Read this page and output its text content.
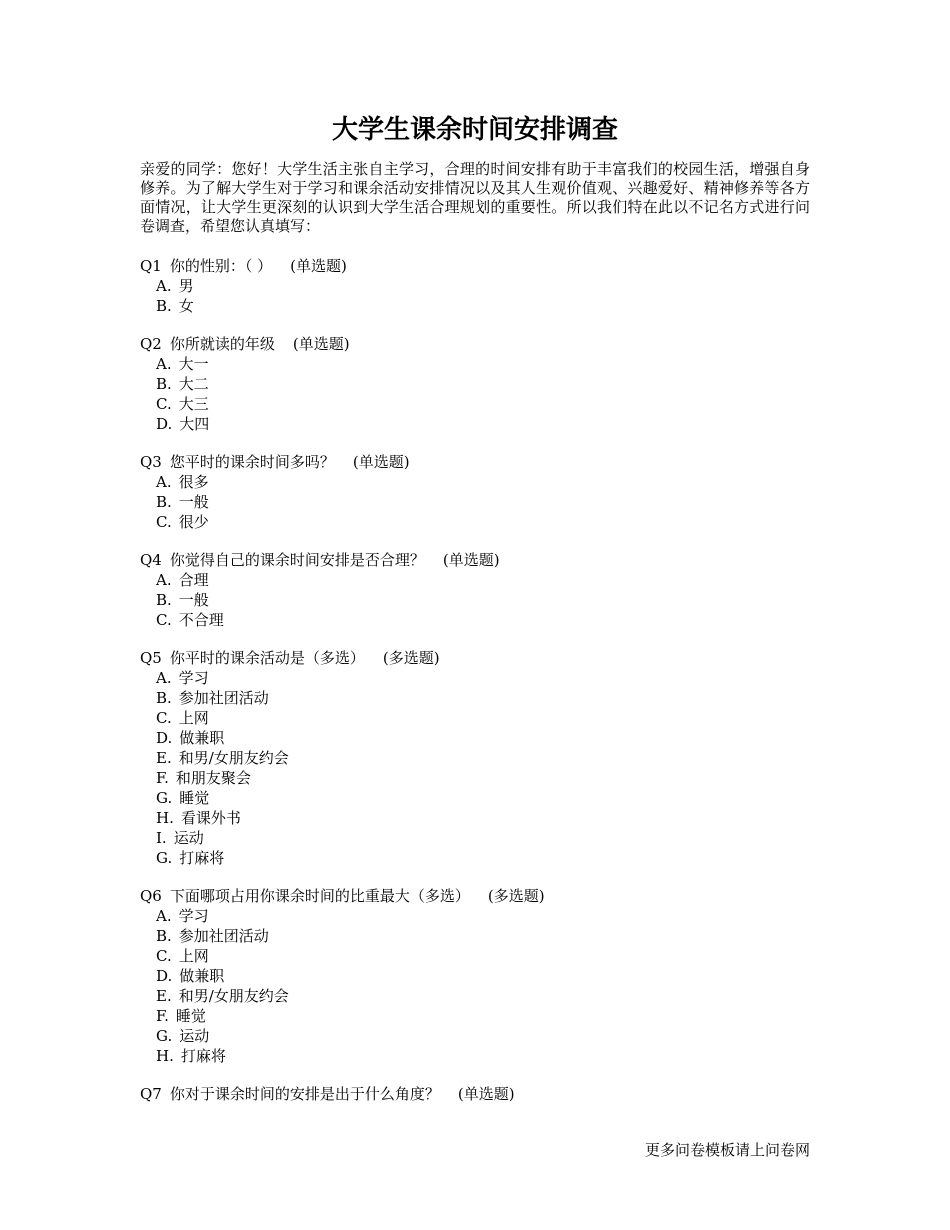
大学生课余时间安排调查

亲爱的同学：您好！大学生活主张自主学习，合理的时间安排有助于丰富我们的校园生活，增强自身修养。为了解大学生对于学习和课余活动安排情况以及其人生观价值观、兴趣爱好、精神修养等各方面情况，让大学生更深刻的认识到大学生活合理规划的重要性。所以我们特在此以不记名方式进行问卷调查，希望您认真填写：

Q1 你的性别：（ ） (单选题)
A. 男
B. 女
Q2 你所就读的年级 (单选题)
A. 大一
B. 大二
C. 大三
D. 大四
Q3 您平时的课余时间多吗？ (单选题)
A. 很多
B. 一般
C. 很少
Q4 你觉得自己的课余时间安排是否合理？ (单选题)
A. 合理
B. 一般
C. 不合理
Q5 你平时的课余活动是（多选） (多选题)
A. 学习
B. 参加社团活动
C. 上网
D. 做兼职
E. 和男/女朋友约会
F. 和朋友聚会
G. 睡觉
H. 看课外书
I. 运动
G. 打麻将
Q6 下面哪项占用你课余时间的比重最大（多选） (多选题)
A. 学习
B. 参加社团活动
C. 上网
D. 做兼职
E. 和男/女朋友约会
F. 睡觉
G. 运动
H. 打麻将
Q7 你对于课余时间的安排是出于什么角度？ (单选题)
更多问卷模板请上问卷网
